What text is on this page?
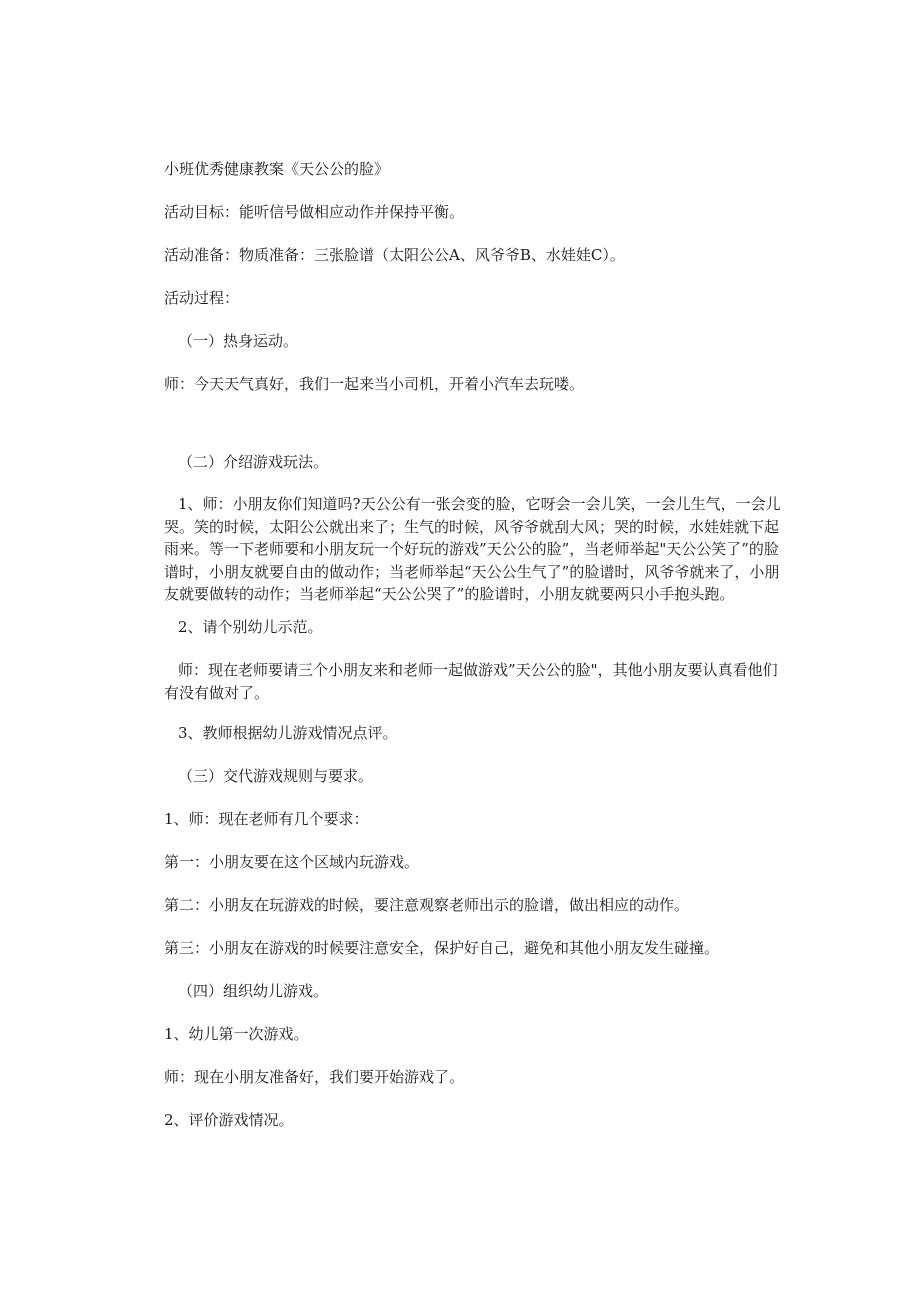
小班优秀健康教案《天公公的脸》

活动目标：能听信号做相应动作并保持平衡。

活动准备：物质准备：三张脸谱（太阳公公A、风爷爷B、水娃娃C）。

活动过程：

（一）热身运动。

师：今天天气真好，我们一起来当小司机，开着小汽车去玩喽。

（二）介绍游戏玩法。

1、师：小朋友你们知道吗?天公公有一张会变的脸，它呀会一会儿笑，一会儿生气，一会儿哭。笑的时候，太阳公公就出来了；生气的时候，风爷爷就刮大风；哭的时候，水娃娃就下起雨来。等一下老师要和小朋友玩一个好玩的游戏”天公公的脸”，当老师举起"天公公笑了”的脸谱时，小朋友就要自由的做动作；当老师举起“天公公生气了”的脸谱时，风爷爷就来了，小朋友就要做转的动作；当老师举起“天公公哭了”的脸谱时，小朋友就要两只小手抱头跑。

2、请个别幼儿示范。

师：现在老师要请三个小朋友来和老师一起做游戏”天公公的脸"，其他小朋友要认真看他们有没有做对了。

3、教师根据幼儿游戏情况点评。

（三）交代游戏规则与要求。

1、师：现在老师有几个要求：

第一：小朋友要在这个区域内玩游戏。

第二：小朋友在玩游戏的时候，要注意观察老师出示的脸谱，做出相应的动作。

第三：小朋友在游戏的时候要注意安全，保护好自己，避免和其他小朋友发生碰撞。

（四）组织幼儿游戏。

1、幼儿第一次游戏。

师：现在小朋友准备好，我们要开始游戏了。

2、评价游戏情况。
